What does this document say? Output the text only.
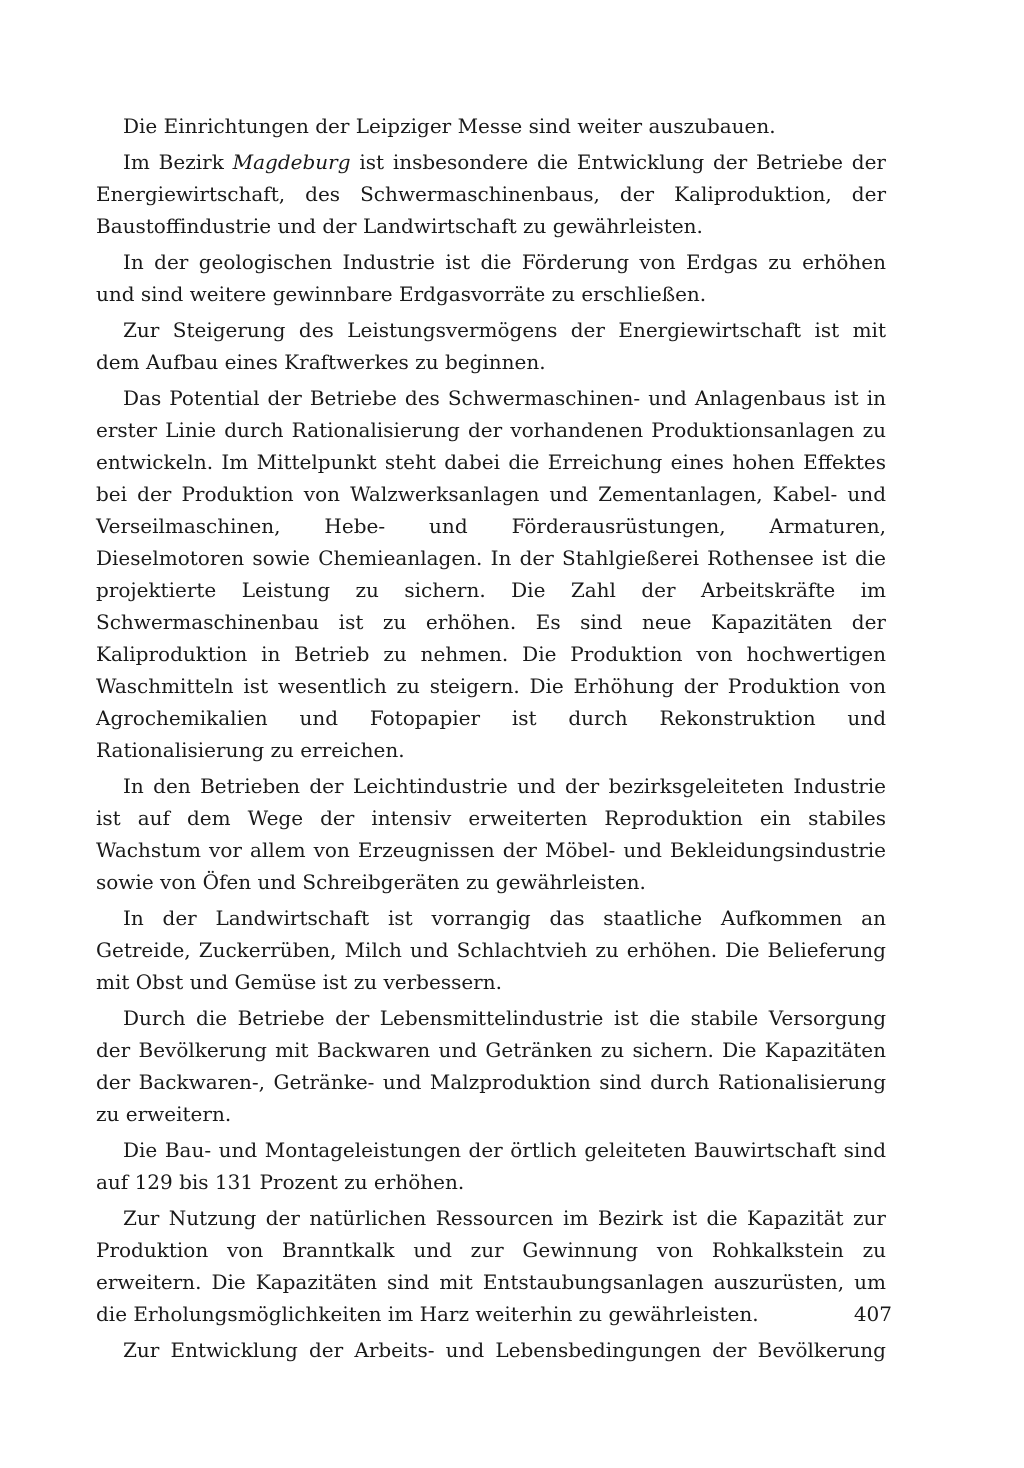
Die Einrichtungen der Leipziger Messe sind weiter auszubauen.

Im Bezirk Magdeburg ist insbesondere die Entwicklung der Betriebe der Energiewirtschaft, des Schwermaschinenbaus, der Kaliproduktion, der Baustoffindustrie und der Landwirtschaft zu gewährleisten.

In der geologischen Industrie ist die Förderung von Erdgas zu erhöhen und sind weitere gewinnbare Erdgasvorräte zu erschließen.

Zur Steigerung des Leistungsvermögens der Energiewirtschaft ist mit dem Aufbau eines Kraftwerkes zu beginnen.

Das Potential der Betriebe des Schwermaschinen- und Anlagenbaus ist in erster Linie durch Rationalisierung der vorhandenen Produktionsanlagen zu entwickeln. Im Mittelpunkt steht dabei die Erreichung eines hohen Effektes bei der Produktion von Walzwerksanlagen und Zementanlagen, Kabel- und Verseilmaschinen, Hebe- und Förderausrüstungen, Armaturen, Dieselmotoren sowie Chemieanlagen. In der Stahlgießerei Rothensee ist die projektierte Leistung zu sichern. Die Zahl der Arbeitskräfte im Schwermaschinenbau ist zu erhöhen. Es sind neue Kapazitäten der Kaliproduktion in Betrieb zu nehmen. Die Produktion von hochwertigen Waschmitteln ist wesentlich zu steigern. Die Erhöhung der Produktion von Agrochemikalien und Fotopapier ist durch Rekonstruktion und Rationalisierung zu erreichen.

In den Betrieben der Leichtindustrie und der bezirksgeleiteten Industrie ist auf dem Wege der intensiv erweiterten Reproduktion ein stabiles Wachstum vor allem von Erzeugnissen der Möbel- und Bekleidungsindustrie sowie von Öfen und Schreibgeräten zu gewährleisten.

In der Landwirtschaft ist vorrangig das staatliche Aufkommen an Getreide, Zuckerrüben, Milch und Schlachtvieh zu erhöhen. Die Belieferung mit Obst und Gemüse ist zu verbessern.

Durch die Betriebe der Lebensmittelindustrie ist die stabile Versorgung der Bevölkerung mit Backwaren und Getränken zu sichern. Die Kapazitäten der Backwaren-, Getränke- und Malzproduktion sind durch Rationalisierung zu erweitern.

Die Bau- und Montageleistungen der örtlich geleiteten Bauwirtschaft sind auf 129 bis 131 Prozent zu erhöhen.

Zur Nutzung der natürlichen Ressourcen im Bezirk ist die Kapazität zur Produktion von Branntkalk und zur Gewinnung von Rohkalkstein zu erweitern. Die Kapazitäten sind mit Entstaubungsanlagen auszurüsten, um die Erholungsmöglichkeiten im Harz weiterhin zu gewährleisten.

Zur Entwicklung der Arbeits- und Lebensbedingungen der Bevölkerung

407
